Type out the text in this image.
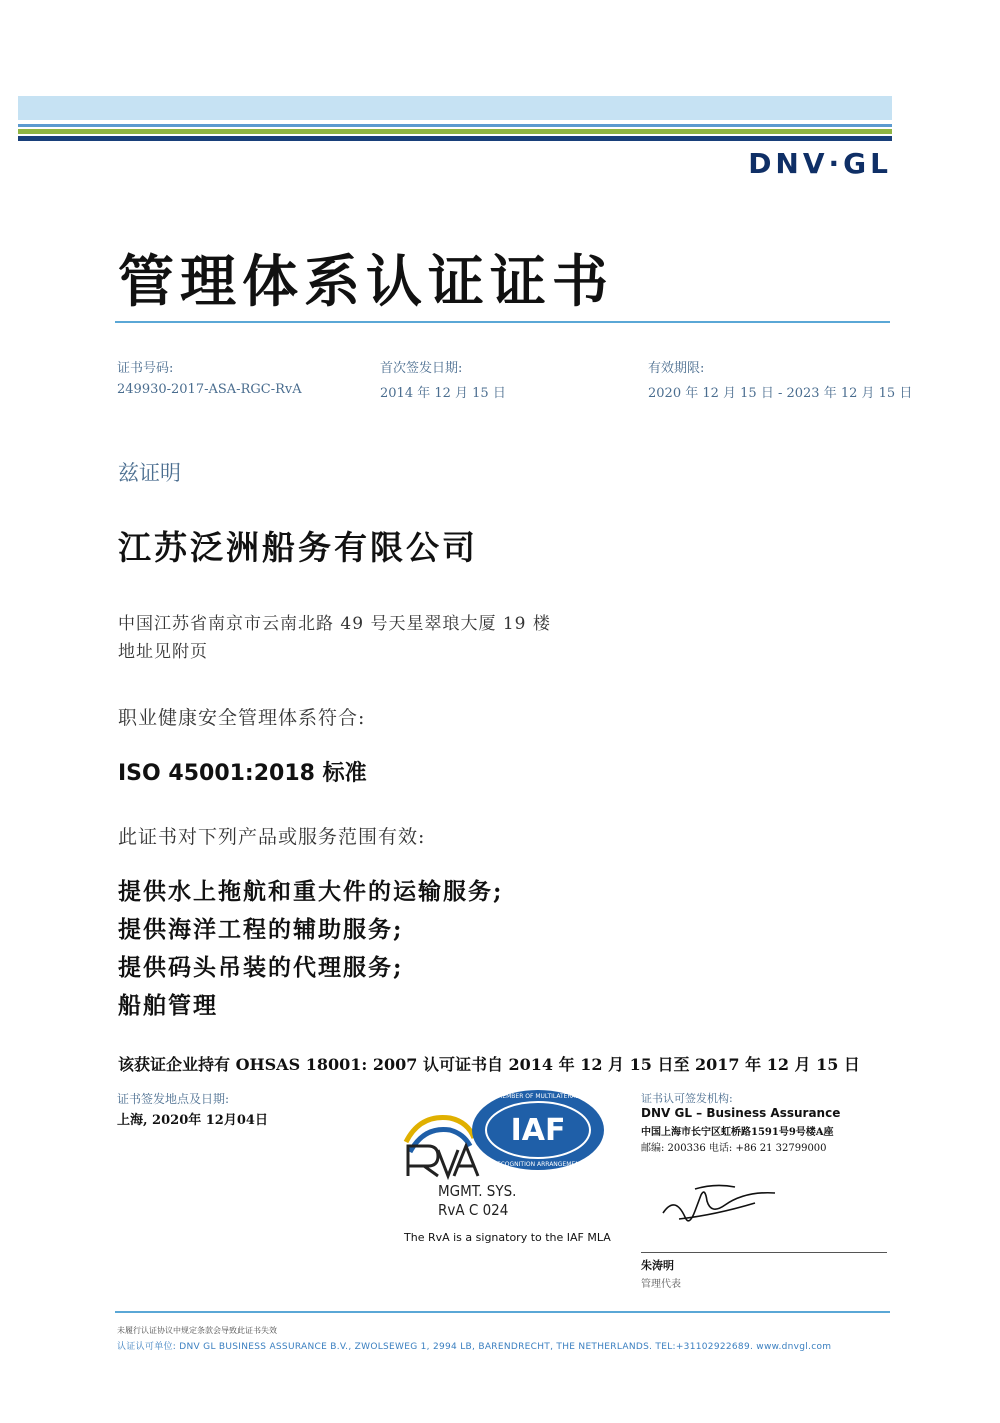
DNV·GL
管理体系认证证书
证书号码:
249930-2017-ASA-RGC-RvA
首次签发日期:
2014 年 12 月 15 日
有效期限:
2020 年 12 月 15 日 - 2023 年 12 月 15 日
兹证明
江苏泛洲船务有限公司
中国江苏省南京市云南北路 49 号天星翠琅大厦 19 楼
地址见附页
职业健康安全管理体系符合:
ISO 45001:2018 标准
此证书对下列产品或服务范围有效:
提供水上拖航和重大件的运输服务;
提供海洋工程的辅助服务;
提供码头吊装的代理服务;
船舶管理
该获证企业持有 OHSAS 18001: 2007 认可证书自 2014 年 12 月 15 日至 2017 年 12 月 15 日
证书签发地点及日期:
上海, 2020年 12月04日
MGMT. SYS.
RvA C 024
IAF
MEMBER OF MULTILATERAL
RECOGNITION ARRANGEMENT
The RvA is a signatory to the IAF MLA
证书认可签发机构:
DNV GL – Business Assurance
中国上海市长宁区虹桥路1591号9号楼A座
邮编: 200336 电话: +86 21 32799000
朱涛明
管理代表
未履行认证协议中规定条款会导致此证书失效
认证认可单位: DNV GL BUSINESS ASSURANCE B.V., ZWOLSEWEG 1, 2994 LB, BARENDRECHT, THE NETHERLANDS. TEL:+31102922689. www.dnvgl.com
